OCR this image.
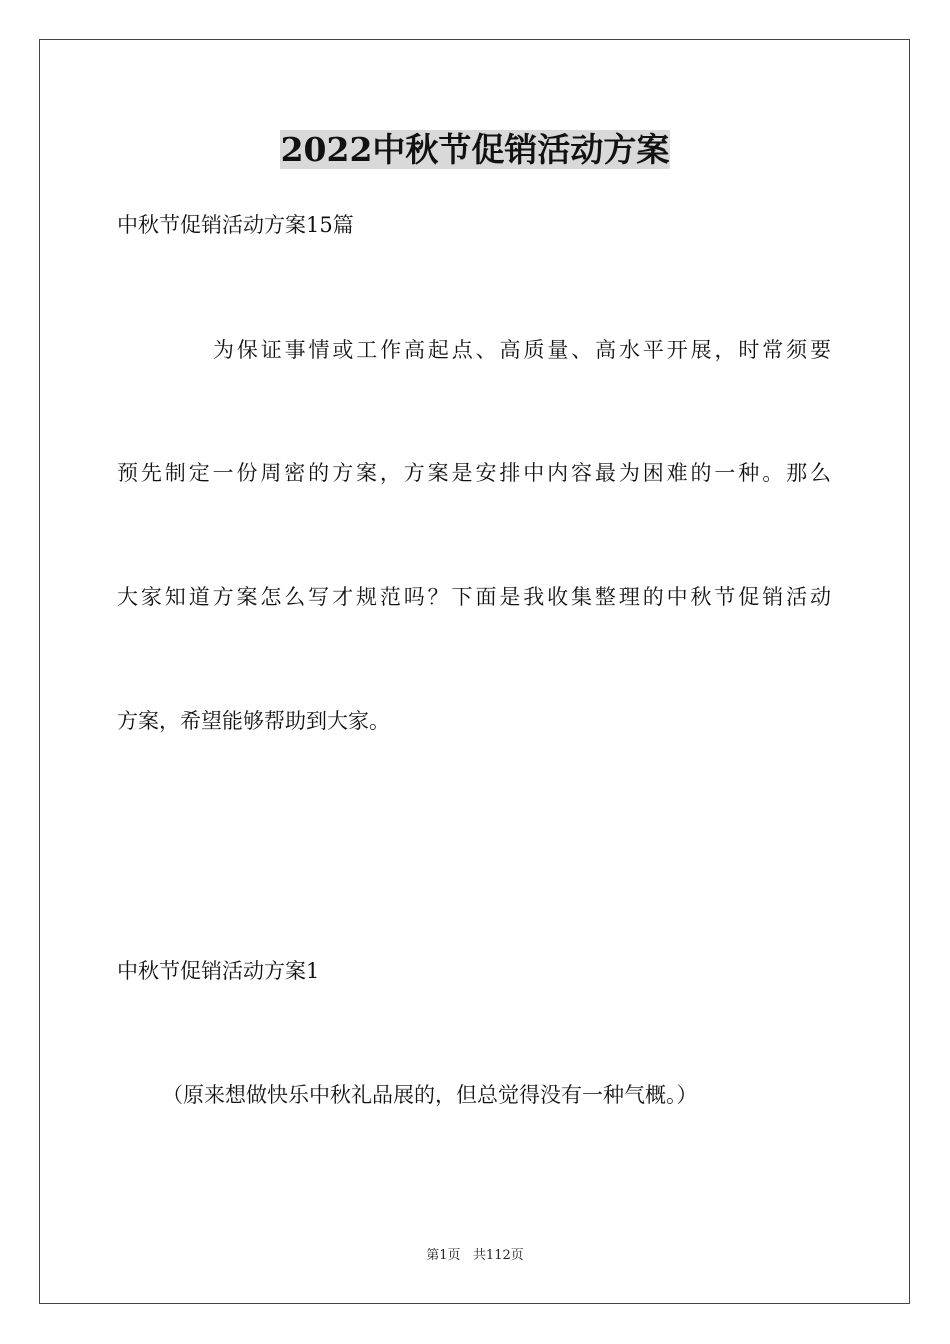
2022中秋节促销活动方案
中秋节促销活动方案15篇
为保证事情或工作高起点、高质量、高水平开展，时常须要
预先制定一份周密的方案，方案是安排中内容最为困难的一种。那么
大家知道方案怎么写才规范吗？下面是我收集整理的中秋节促销活动
方案，希望能够帮助到大家。
中秋节促销活动方案1
（原来想做快乐中秋礼品展的，但总觉得没有一种气概。）
第1页 共112页
